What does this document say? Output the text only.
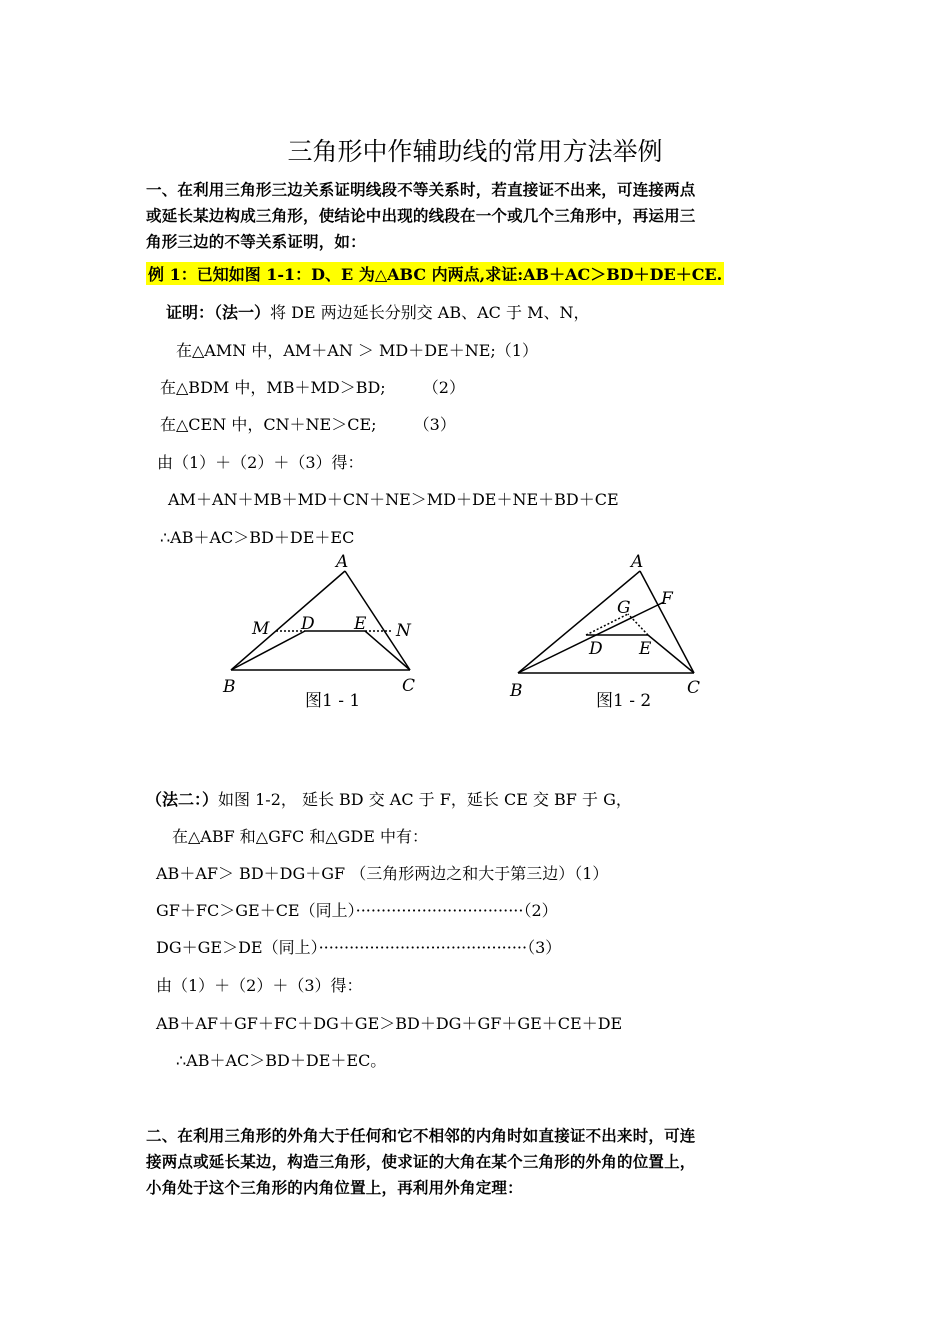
三角形中作辅助线的常用方法举例
一、在利用三角形三边关系证明线段不等关系时，若直接证不出来，可连接两点
或延长某边构成三角形，使结论中出现的线段在一个或几个三角形中，再运用三
角形三边的不等关系证明，如：
例 1：已知如图 1-1：D、E 为△ABC 内两点,求证:AB＋AC＞BD＋DE＋CE.
证明：（法一）将 DE 两边延长分别交 AB、AC 于 M、N，
在△AMN 中，AM＋AN ＞ MD＋DE＋NE;（1）
在△BDM 中，MB＋MD＞BD;　　 （2）
在△CEN 中，CN＋NE＞CE;　　 （3）
由（1）＋（2）＋（3）得：
AM＋AN＋MB＋MD＋CN＋NE＞MD＋DE＋NE＋BD＋CE
∴AB＋AC＞BD＋DE＋EC
A
M D E N
B	C
图1 - 1
A
F
G
D E
B	C
图1 - 2
（法二：）如图 1-2， 延长 BD 交 AC 于 F，延长 CE 交 BF 于 G，
在△ABF 和△GFC 和△GDE 中有：
AB＋AF＞ BD＋DG＋GF （三角形两边之和大于第三边）（1）
GF＋FC＞GE＋CE（同上）·································（2）
DG＋GE＞DE（同上）·········································（3）
由（1）＋（2）＋（3）得：
AB＋AF＋GF＋FC＋DG＋GE＞BD＋DG＋GF＋GE＋CE＋DE
∴AB＋AC＞BD＋DE＋EC。
二、在利用三角形的外角大于任何和它不相邻的内角时如直接证不出来时，可连
接两点或延长某边，构造三角形，使求证的大角在某个三角形的外角的位置上，
小角处于这个三角形的内角位置上，再利用外角定理：
